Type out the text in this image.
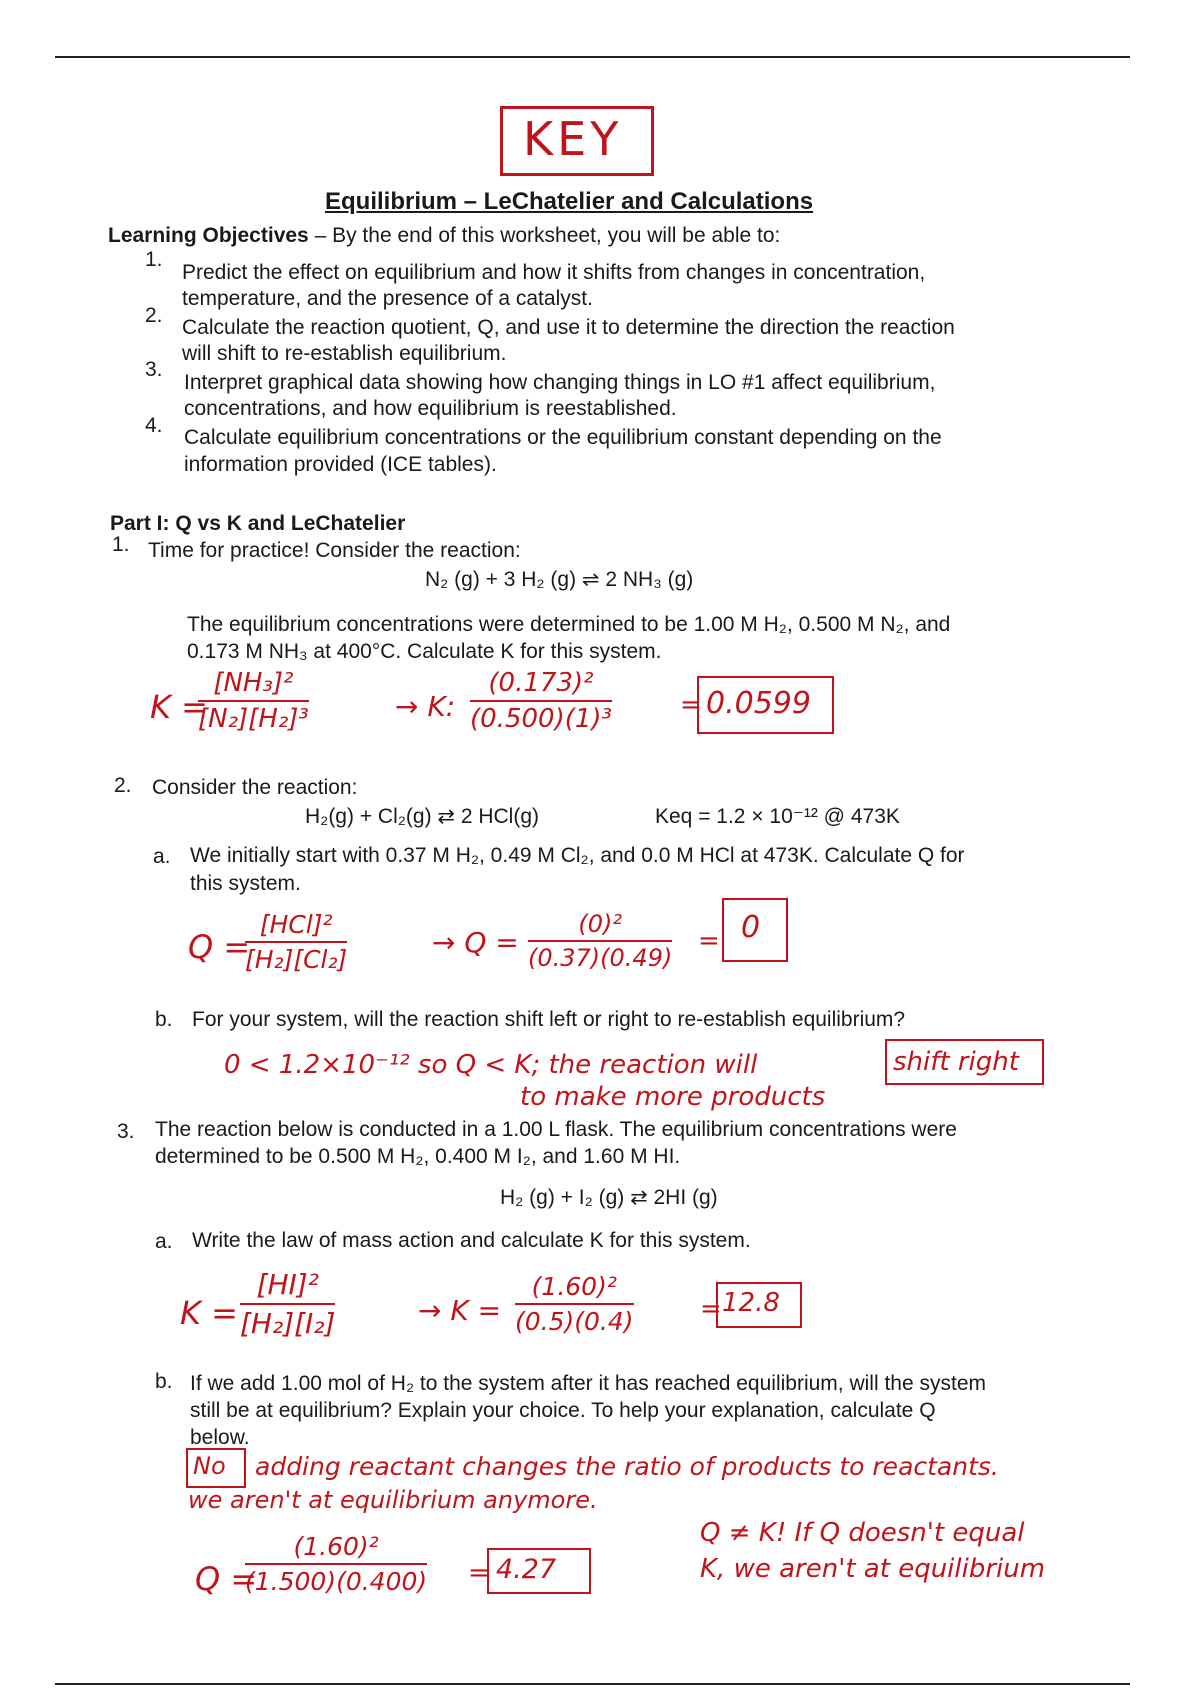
KEY
Equilibrium – LeChatelier and Calculations
Learning Objectives – By the end of this worksheet, you will be able to:
1.
Predict the effect on equilibrium and how it shifts from changes in concentration,
temperature, and the presence of a catalyst.
2.
Calculate the reaction quotient, Q, and use it to determine the direction the reaction
will shift to re-establish equilibrium.
3.
Interpret graphical data showing how changing things in LO #1 affect equilibrium,
concentrations, and how equilibrium is reestablished.
4.
Calculate equilibrium concentrations or the equilibrium constant depending on the
information provided (ICE tables).
Part I: Q vs K and LeChatelier
1. Time for practice! Consider the reaction:
N₂ (g) + 3 H₂ (g) ⇌ 2 NH₃ (g)
The equilibrium concentrations were determined to be 1.00 M H₂, 0.500 M N₂, and
0.173 M NH₃ at 400°C. Calculate K for this system.
K =
$\frac{\text{[NH₃]²}}{\text{[N₂][H₂]³}}$	→ K: $\frac{\text{(0.173)²}}{\text{(0.500)(1)³}}$	= 0.0599
2. Consider the reaction:
H₂(g) + Cl₂(g) ⇄ 2 HCl(g)	Keq = 1.2 × 10⁻¹² @ 473K
a. We initially start with 0.37 M H₂, 0.49 M Cl₂, and 0.0 M HCl at 473K. Calculate Q for
this system.
Q =
[HCl]²
[H₂][Cl₂]
→ $Q = \frac{\text{(0)²}}{(0.37)(0.49)} = 0$
b. For your system, will the reaction shift left or right to re-establish equilibrium?
0 < 1.2×10⁻¹² so Q < K; the reaction will	shift right
to make more products
3. The reaction below is conducted in a 1.00 L flask. The equilibrium concentrations were
determined to be 0.500 M H₂, 0.400 M I₂, and 1.60 M HI.
H₂ (g) + I₂ (g) ⇄ 2HI (g)
a. Write the law of mass action and calculate K for this system.
$K = \frac{\text{[HI]²}}{\text{[H₂][I₂]}}$	→ $K = \frac{\text{(1.60)²}}{(0.5)(0.4)}$	= 12.8
b. If we add 1.00 mol of H₂ to the system after it has reached equilibrium, will the system
still be at equilibrium? Explain your choice. To help your explanation, calculate Q
below.
No adding reactant changes the ratio of products to reactants.
we aren't at equilibrium anymore.
Q =
$\frac{\text{(1.60)²}}{(1.500)(0.400)} = 4.27$
Q ≠ K! If Q doesn't equal
K, we aren't at equilibrium
